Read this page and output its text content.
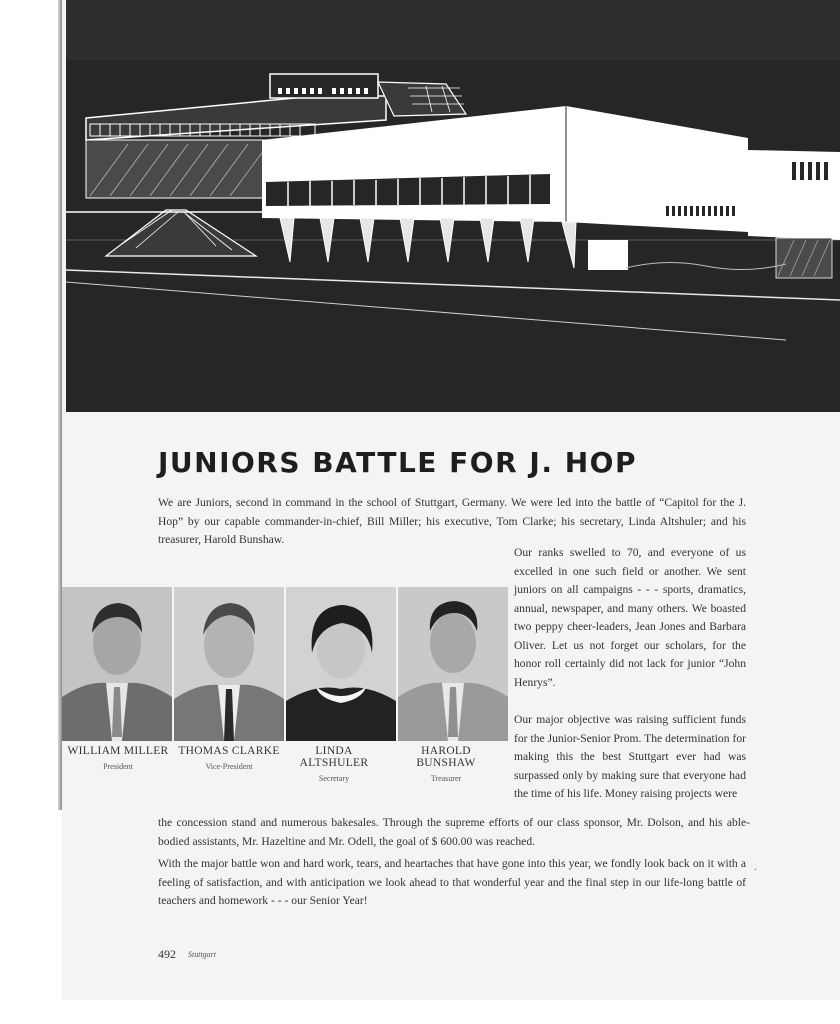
JUNIORS BATTLE FOR J. HOP

We are Juniors, second in command in the school of Stuttgart, Germany. We were led into the battle of “Capitol for the J. Hop” by our capable commander-in-chief, Bill Miller; his executive, Tom Clarke; his secretary, Linda Altshuler; and his treasurer, Harold Bunshaw.

Our ranks swelled to 70, and everyone of us excelled in one such field or another. We sent juniors on all campaigns - - - sports, dramatics, annual, newspaper, and many others. We boasted two peppy cheer-leaders, Jean Jones and Barbara Oliver. Let us not forget our scholars, for the honor roll certainly did not lack for junior “John Henrys”.

Our major objective was raising sufficient funds for the Junior-Senior Prom. The determination for making this the best Stuttgart ever had was surpassed only by making sure that everyone had the time of his life. Money raising projects were

the concession stand and numerous bakesales. Through the supreme efforts of our class sponsor, Mr. Dolson, and his able-bodied assistants, Mr. Hazeltine and Mr. Odell, the goal of $ 600.00 was reached.

With the major battle won and hard work, tears, and heartaches that have gone into this year, we fondly look back on it with a feeling of satisfaction, and with anticipation we look ahead to that wonderful year and the final step in our life-long battle of teachers and homework - - - our Senior Year!

WILLIAM MILLER
President
THOMAS CLARKE
Vice-President
LINDA ALTSHULER
Secretary
HAROLD BUNSHAW
Treasurer
.
492 Stuttgart
